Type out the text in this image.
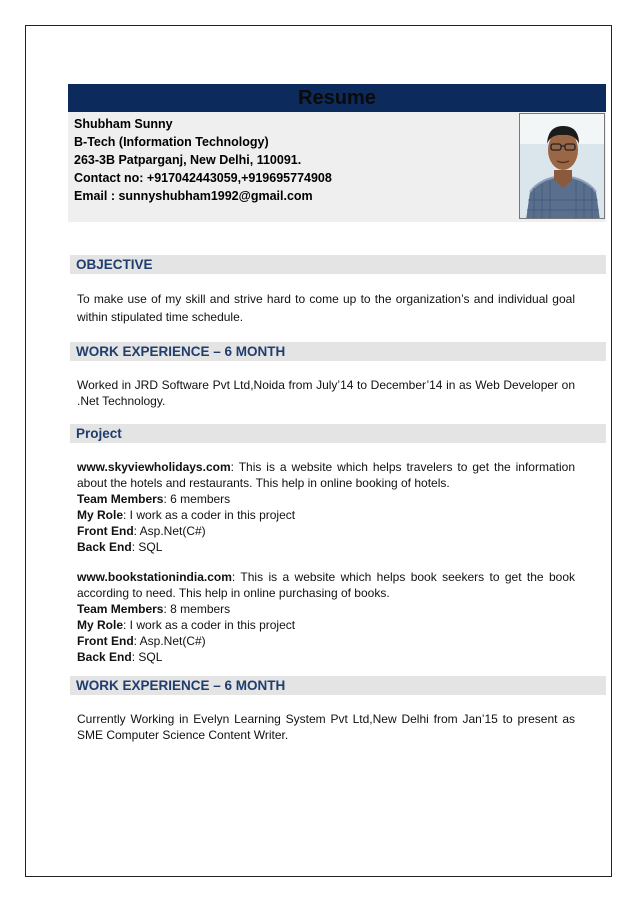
Resume
Shubham Sunny
B-Tech (Information Technology)
263-3B Patparganj, New Delhi, 110091.
Contact no: +917042443059,+919695774908
Email : sunnyshubham1992@gmail.com
OBJECTIVE
To make use of my skill and strive hard to come up to the organization’s and individual goal within stipulated time schedule.
WORK EXPERIENCE – 6 MONTH
Worked in JRD Software Pvt Ltd,Noida from July’14 to December’14 in as Web Developer on .Net Technology.
Project
www.skyviewholidays.com: This is a website which helps travelers to get the information about the hotels and restaurants. This help in online booking of hotels.
Team Members: 6 members
My Role: I work as a coder in this project
Front End: Asp.Net(C#)
Back End: SQL
www.bookstationindia.com: This is a website which helps book seekers to get the book according to need. This help in online purchasing of books.
Team Members: 8 members
My Role: I work as a coder in this project
Front End: Asp.Net(C#)
Back End: SQL
WORK EXPERIENCE – 6 MONTH
Currently Working in Evelyn Learning System Pvt Ltd,New Delhi from Jan’15 to present as SME Computer Science Content Writer.
